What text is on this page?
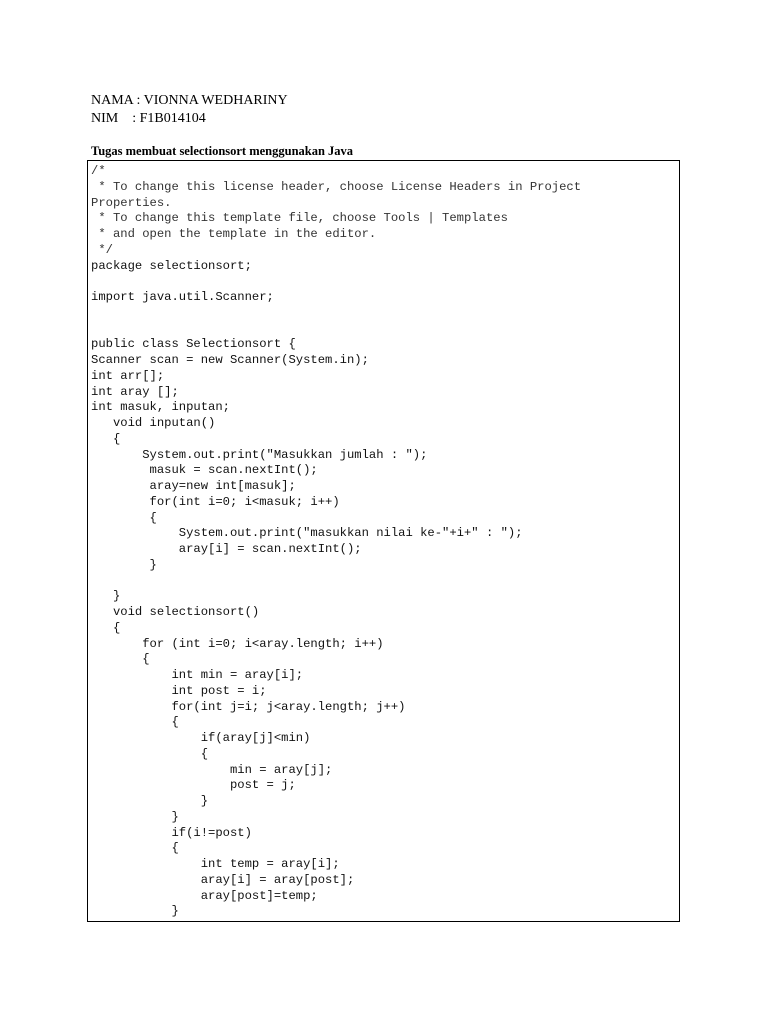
NAMA : VIONNA WEDHARINY
NIM    : F1B014104
Tugas membuat selectionsort menggunakan Java
/*
* To change this license header, choose License Headers in Project
Properties.
* To change this template file, choose Tools | Templates
* and open the template in the editor.
*/
package selectionsort;
import java.util.Scanner;
public class Selectionsort {
Scanner scan = new Scanner(System.in);
int arr[];
int aray [];
int masuk, inputan;
void inputan()
{
System.out.print("Masukkan jumlah : ");
masuk = scan.nextInt();
aray=new int[masuk];
for(int i=0; i<masuk; i++)
{
System.out.print("masukkan nilai ke-"+i+" : ");
aray[i] = scan.nextInt();
}
}
void selectionsort()
{
for (int i=0; i<aray.length; i++)
{
int min = aray[i];
int post = i;
for(int j=i; j<aray.length; j++)
{
if(aray[j]<min)
{
min = aray[j];
post = j;
}
}
if(i!=post)
{
int temp = aray[i];
aray[i] = aray[post];
aray[post]=temp;
}
